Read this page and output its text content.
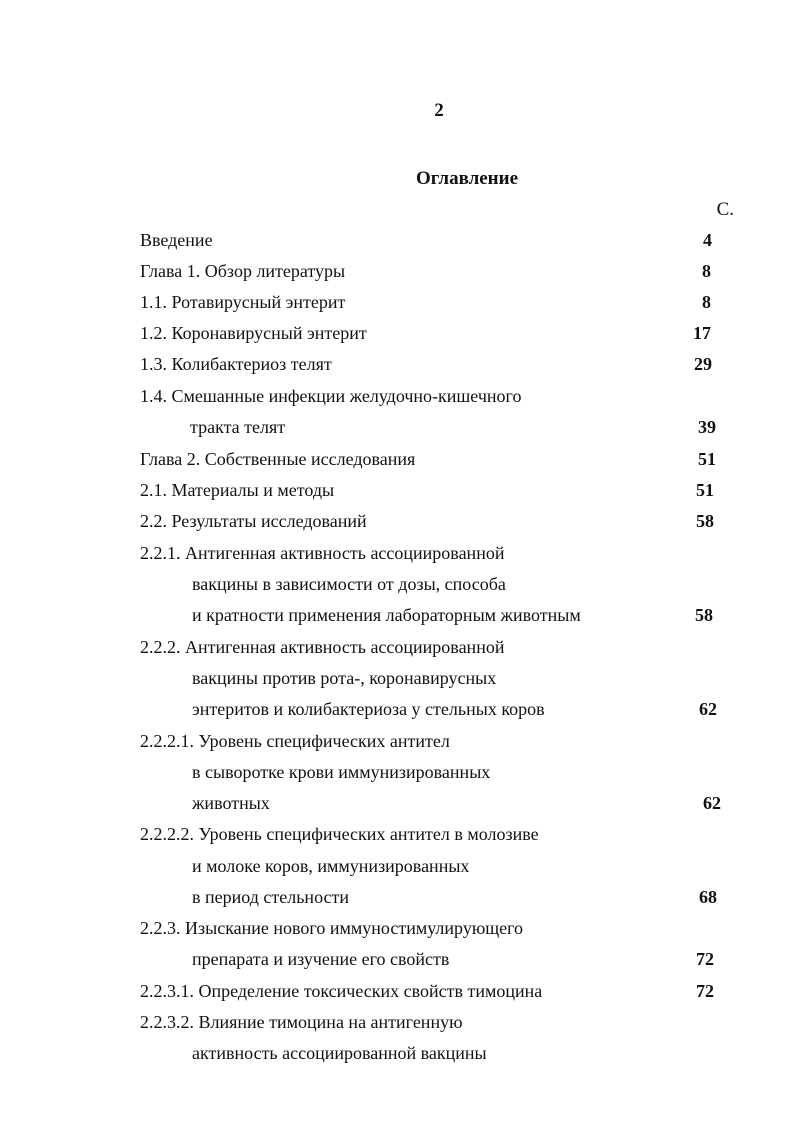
2
Оглавление
С.
Введение	4
Глава 1. Обзор литературы	8
1.1. Ротавирусный энтерит	8
1.2. Коронавирусный энтерит	17
1.3. Колибактериоз телят	29
1.4. Смешанные инфекции желудочно-кишечного
тракта телят	39
Глава 2. Собственные исследования	51
2.1. Материалы и методы	51
2.2. Результаты исследований	58
2.2.1. Антигенная активность ассоциированной
вакцины в зависимости от дозы, способа
и кратности применения лабораторным животным	58
2.2.2. Антигенная активность ассоциированной
вакцины против рота-, коронавирусных
энтеритов и колибактериоза у стельных коров	62
2.2.2.1. Уровень специфических антител
в сыворотке крови иммунизированных
животных	62
2.2.2.2. Уровень специфических антител в молозиве
и молоке коров, иммунизированных
в период стельности	68
2.2.3. Изыскание нового иммуностимулирующего
препарата и изучение его свойств	72
2.2.3.1. Определение токсических свойств тимоцина	72
2.2.3.2. Влияние тимоцина на антигенную
активность ассоциированной вакцины
